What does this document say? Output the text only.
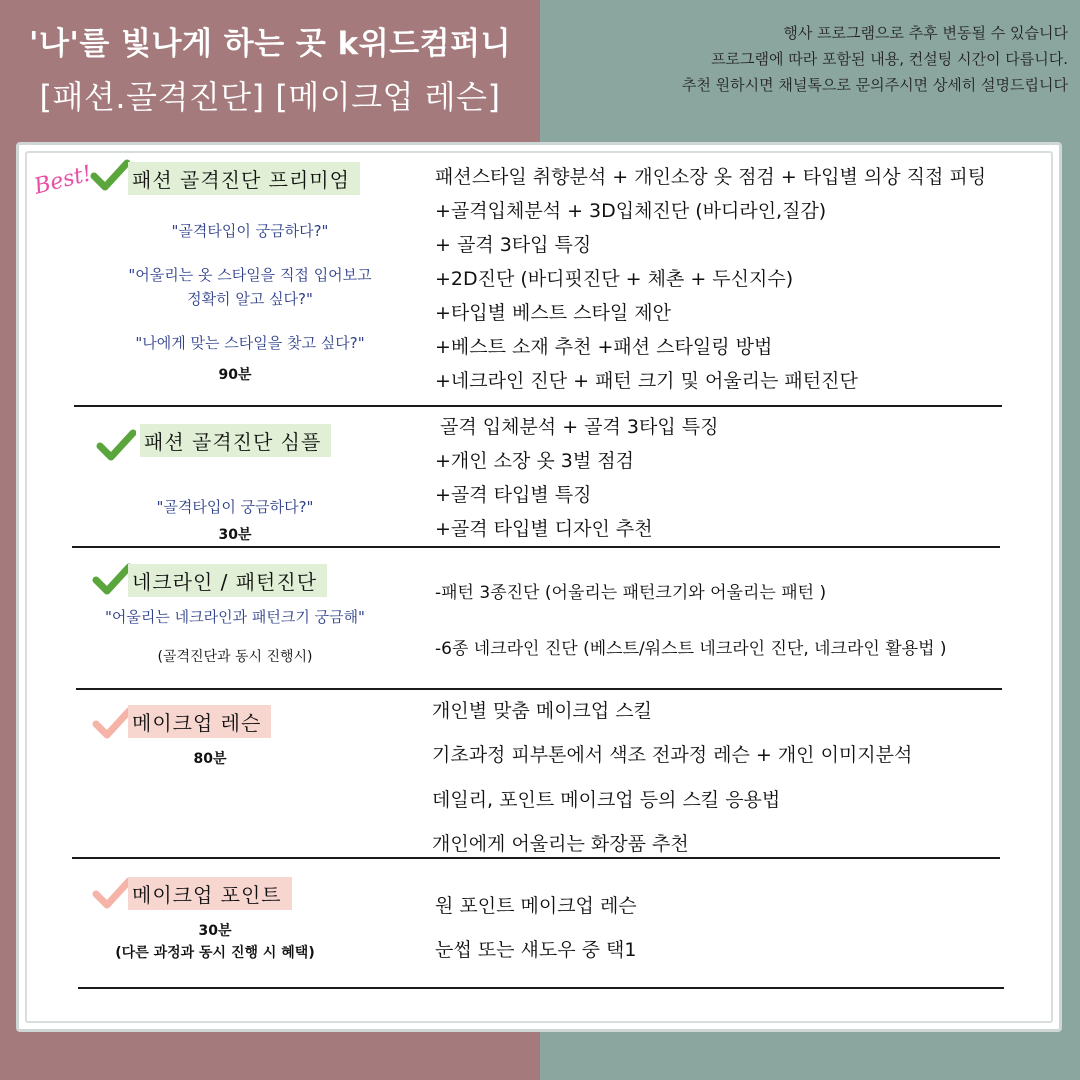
'나'를 빛나게 하는 곳 k위드컴퍼니
[패션.골격진단] [메이크업 레슨]
행사 프로그램으로 추후 변동될 수 있습니다
프로그램에 따라 포함된 내용, 컨설팅 시간이 다릅니다.
추천 원하시면 채널톡으로 문의주시면 상세히 설명드립니다
Best! 패션 골격진단 프리미엄
"골격타입이 궁금하다?"
"어울리는 옷 스타일을 직접 입어보고
정확히 알고 싶다?"
"나에게 맞는 스타일을 찾고 싶다?"
90분
패션스타일 취향분석 + 개인소장 옷 점검 + 타입별 의상 직접 피팅
+골격입체분석 + 3D입체진단 (바디라인,질감)
+ 골격 3타입 특징
+2D진단 (바디핏진단 + 체촌 + 두신지수)
+타입별 베스트 스타일 제안
+베스트 소재 추천 +패션 스타일링 방법
+네크라인 진단 + 패턴 크기 및 어울리는 패턴진단
패션 골격진단 심플
"골격타입이 궁금하다?"
30분
골격 입체분석 + 골격 3타입 특징
+개인 소장 옷 3벌 점검
+골격 타입별 특징
+골격 타입별 디자인 추천
네크라인 / 패턴진단
"어울리는 네크라인과 패턴크기 궁금해"
(골격진단과 동시 진행시)
-패턴 3종진단 (어울리는 패턴크기와 어울리는 패턴 )
-6종 네크라인 진단 (베스트/워스트 네크라인 진단, 네크라인 활용법 )
메이크업 레슨
80분
개인별 맞춤 메이크업 스킬
기초과정 피부톤에서 색조 전과정 레슨 + 개인 이미지분석
데일리, 포인트 메이크업 등의 스킬 응용법
개인에게 어울리는 화장품 추천
메이크업 포인트
30분
(다른 과정과 동시 진행 시 혜택)
원 포인트 메이크업 레슨
눈썹 또는 섀도우 중 택1
